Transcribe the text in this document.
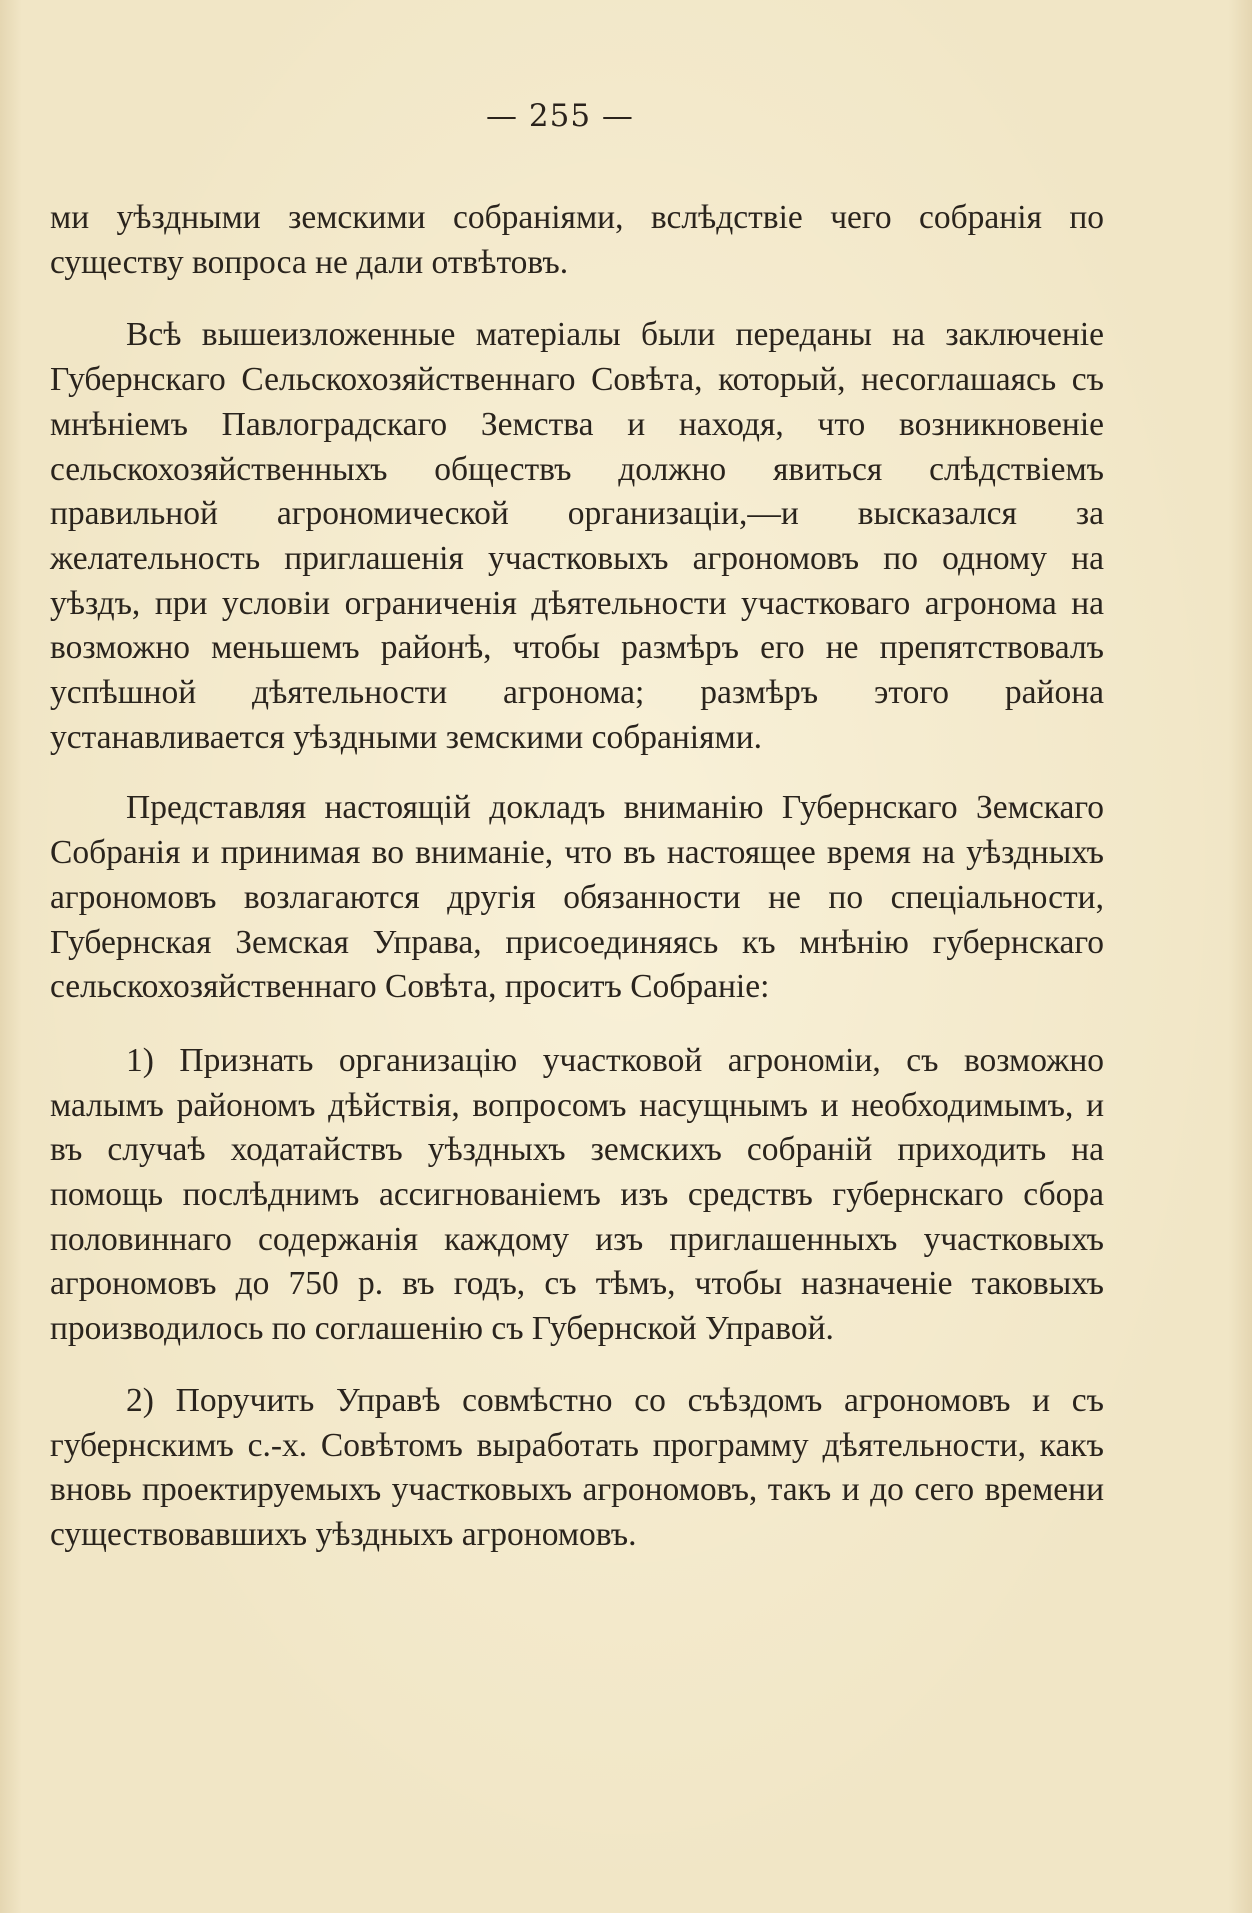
— 255 —

ми уѣздными земскими собраніями, вслѣдствіе чего собранія по существу вопроса не дали отвѣтовъ.

Всѣ вышеизложенные матеріалы были переданы на заключеніе Губернскаго Сельскохозяйственнаго Совѣта, который, несоглашаясь съ мнѣніемъ Павлоградскаго Земства и находя, что возникновеніе сельскохозяйственныхъ обществъ должно явиться слѣдствіемъ правильной агрономической организаціи,—и высказался за желательность приглашенія участковыхъ агрономовъ по одному на уѣздъ, при условіи ограниченія дѣятельности участковаго агронома на возможно меньшемъ районѣ, чтобы размѣръ его не препятствовалъ успѣшной дѣятельности агронома; размѣръ этого района устанавливается уѣздными земскими собраніями.

Представляя настоящій докладъ вниманію Губернскаго Земскаго Собранія и принимая во вниманіе, что въ настоящее время на уѣздныхъ агрономовъ возлагаются другія обязанности не по спеціальности, Губернская Земская Управа, присоединяясь къ мнѣнію губернскаго сельскохозяйственнаго Совѣта, проситъ Собраніе:

1) Признать организацію участковой агрономіи, съ возможно малымъ райономъ дѣйствія, вопросомъ насущнымъ и необходимымъ, и въ случаѣ ходатайствъ уѣздныхъ земскихъ собраній приходить на помощь послѣднимъ ассигнованіемъ изъ средствъ губернскаго сбора половиннаго содержанія каждому изъ приглашенныхъ участковыхъ агрономовъ до 750 р. въ годъ, съ тѣмъ, чтобы назначеніе таковыхъ производилось по соглашенію съ Губернской Управой.

2) Поручить Управѣ совмѣстно со съѣздомъ агрономовъ и съ губернскимъ с.-х. Совѣтомъ выработать программу дѣятельности, какъ вновь проектируемыхъ участковыхъ агрономовъ, такъ и до сего времени существовавшихъ уѣздныхъ агрономовъ.
